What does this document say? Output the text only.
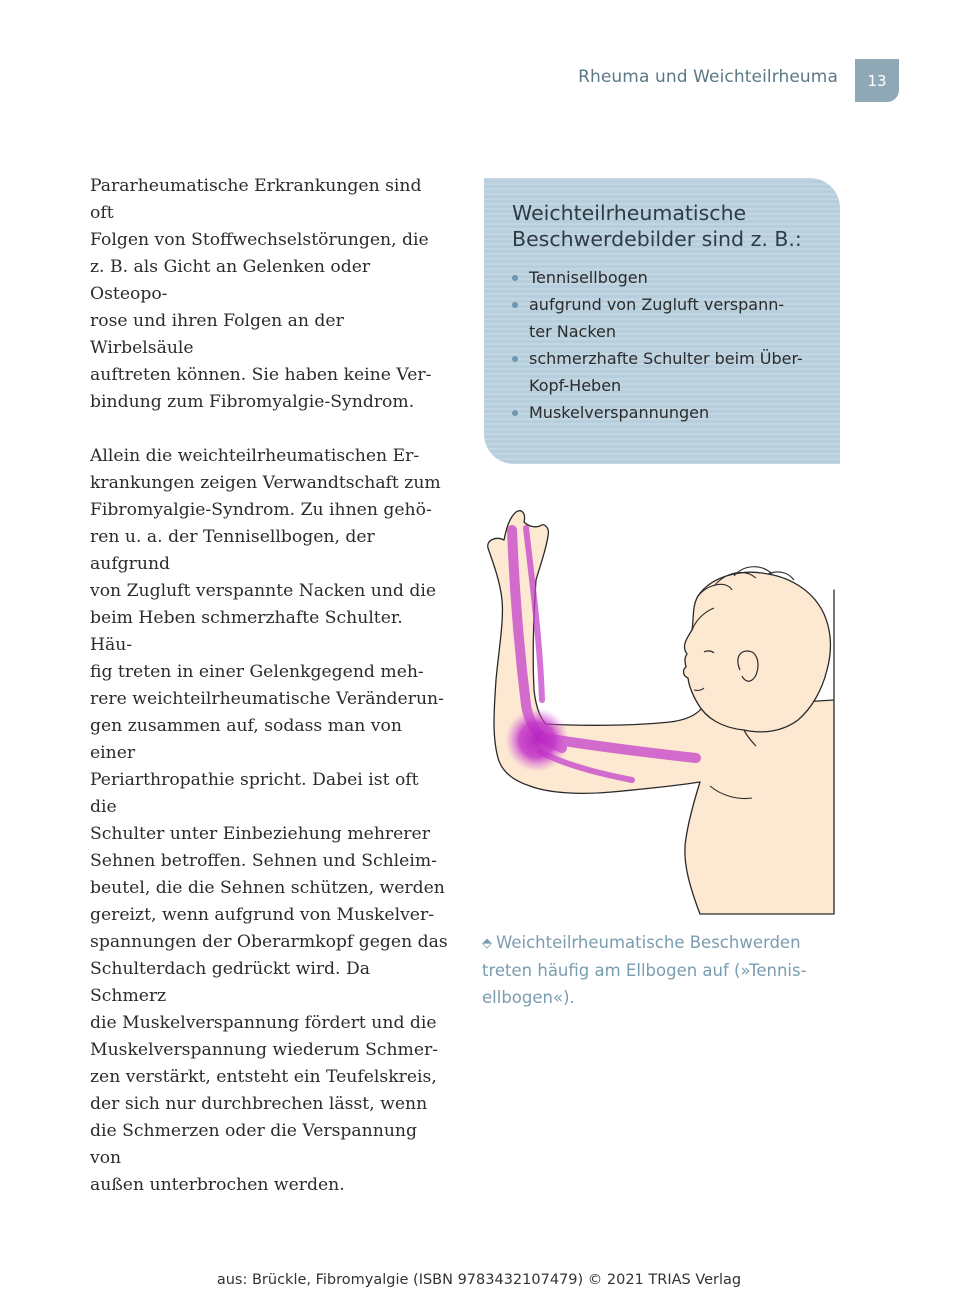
Rheuma und Weichteilrheuma	13

Pararheumatische Erkrankungen sind oft
Folgen von Stoffwechselstörungen, die
z. B. als Gicht an Gelenken oder Osteopo-
rose und ihren Folgen an der Wirbelsäule
auftreten können. Sie haben keine Ver-
bindung zum Fibromyalgie-Syndrom.

Allein die weichteilrheumatischen Er-
krankungen zeigen Verwandtschaft zum
Fibromyalgie-Syndrom. Zu ihnen gehö-
ren u. a. der Tennisellbogen, der aufgrund
von Zugluft verspannte Nacken und die
beim Heben schmerzhafte Schulter. Häu-
fig treten in einer Gelenkgegend meh-
rere weichteilrheumatische Veränderun-
gen zusammen auf, sodass man von einer
Periarthropathie spricht. Dabei ist oft die
Schulter unter Einbeziehung mehrerer
Sehnen betroffen. Sehnen und Schleim-
beutel, die die Sehnen schützen, werden
gereizt, wenn aufgrund von Muskelver-
spannungen der Oberarmkopf gegen das
Schulterdach gedrückt wird. Da Schmerz
die Muskelverspannung fördert und die
Muskelverspannung wiederum Schmer-
zen verstärkt, entsteht ein Teufelskreis,
der sich nur durchbrechen lässt, wenn
die Schmerzen oder die Verspannung von
außen unterbrochen werden.

Weichteilrheumatische
Beschwerdebilder sind z. B.:
Tennisellbogen
aufgrund von Zugluft verspann-
ter Nacken
schmerzhafte Schulter beim Über-
Kopf-Heben
Muskelverspannungen
⬘ Weichteilrheumatische Beschwerden
treten häufig am Ellbogen auf (»Tennis-
ellbogen«).
aus: Brückle, Fibromyalgie (ISBN 9783432107479) © 2021 TRIAS Verlag
